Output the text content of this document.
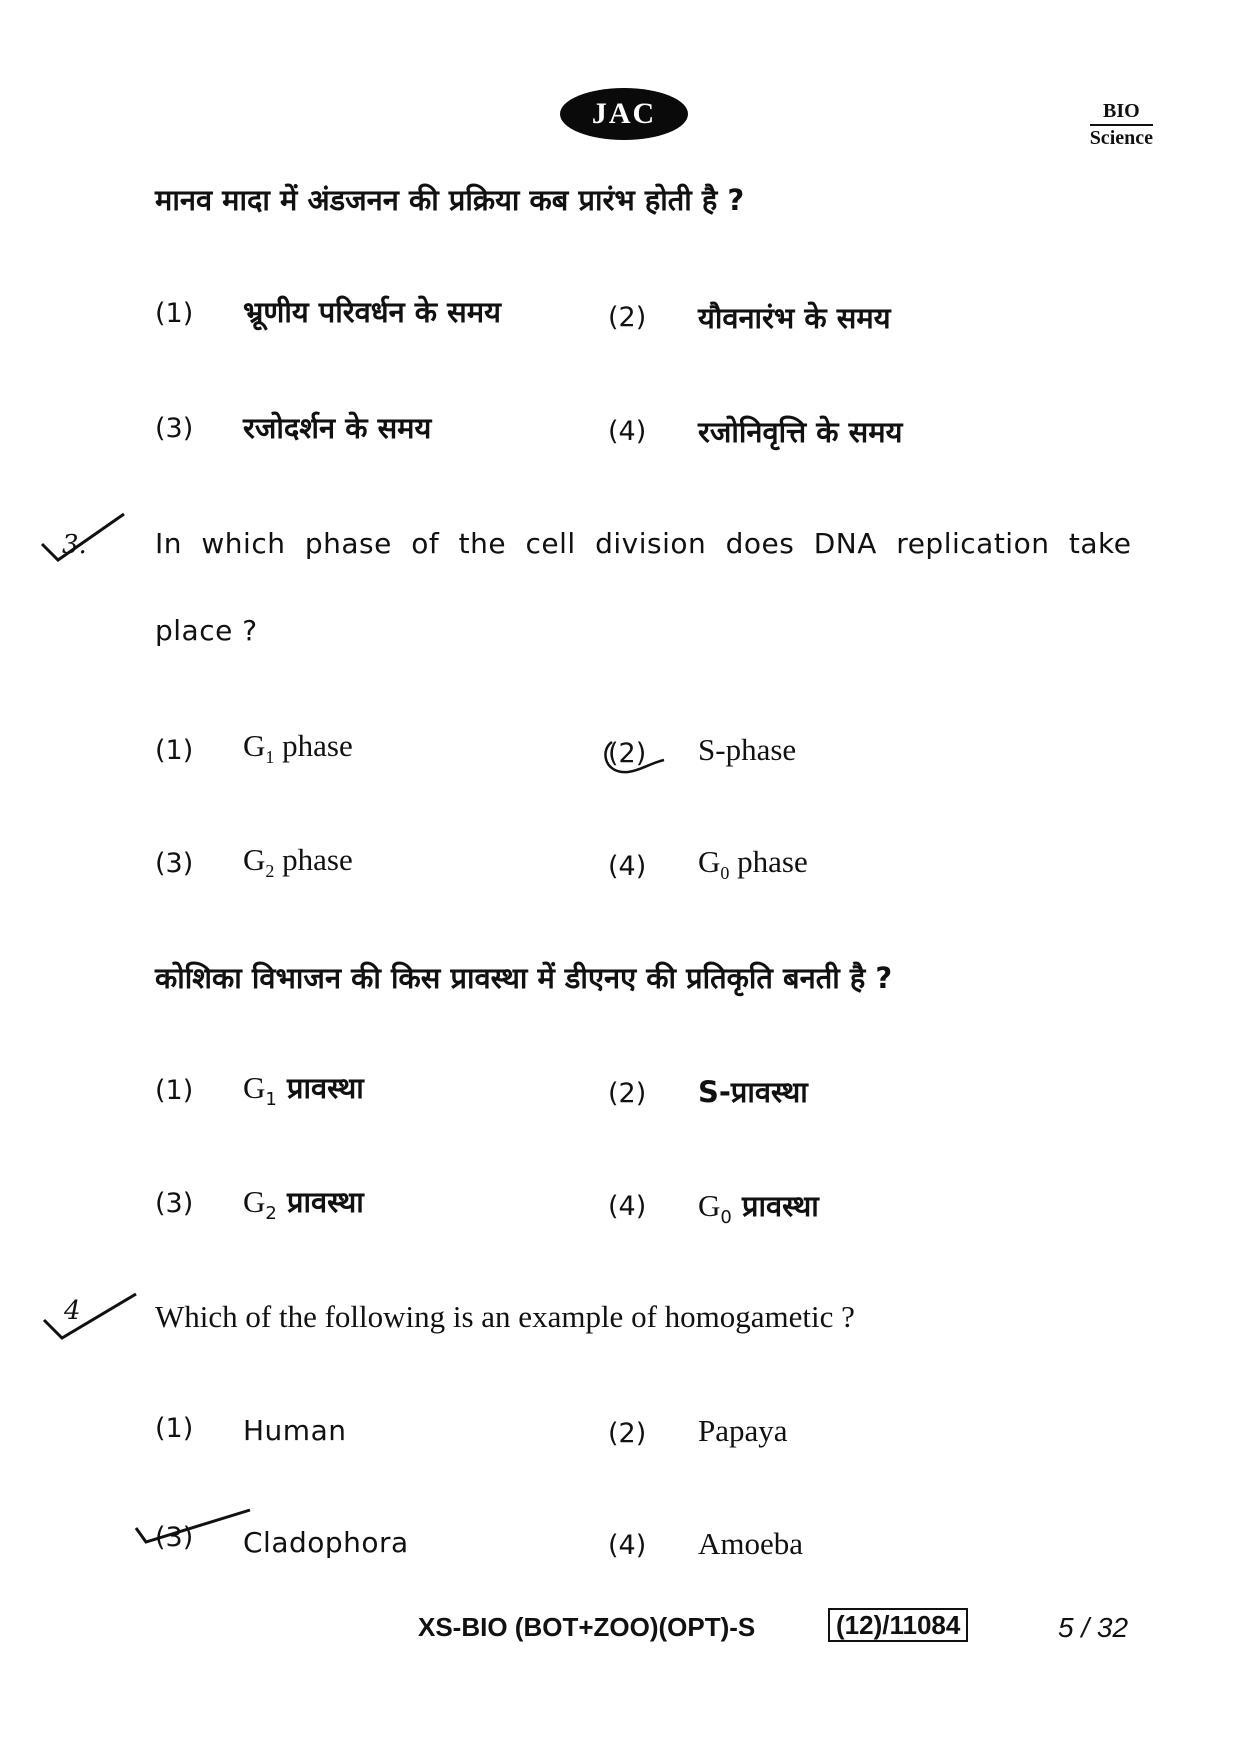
JAC	BIO
Science
मानव मादा में अंडजनन की प्रक्रिया कब प्रारंभ होती है ?
(1) भ्रूणीय परिवर्धन के समय	(2) यौवनारंभ के समय
(3) रजोदर्शन के समय	(4) रजोनिवृत्ति के समय
3. In which phase of the cell division does DNA replication take
place ?
(1) $G_1$ phase	(2) S-phase
(3) $G_2$ phase	(4) $G_0$ phase
कोशिका विभाजन की किस प्रावस्था में डीएनए की प्रतिकृति बनती है ?
(1) $G_1$ प्रावस्था	(2) S-प्रावस्था
(3) $G_2$ प्रावस्था	(4) $G_0$ प्रावस्था
4 Which of the following is an example of homogametic ?
(1) Human	(2) Papaya
(3) Cladophora	(4) Amoeba
XS-BIO (BOT+ZOO)(OPT)-S	(12)/11084	5 / 32
